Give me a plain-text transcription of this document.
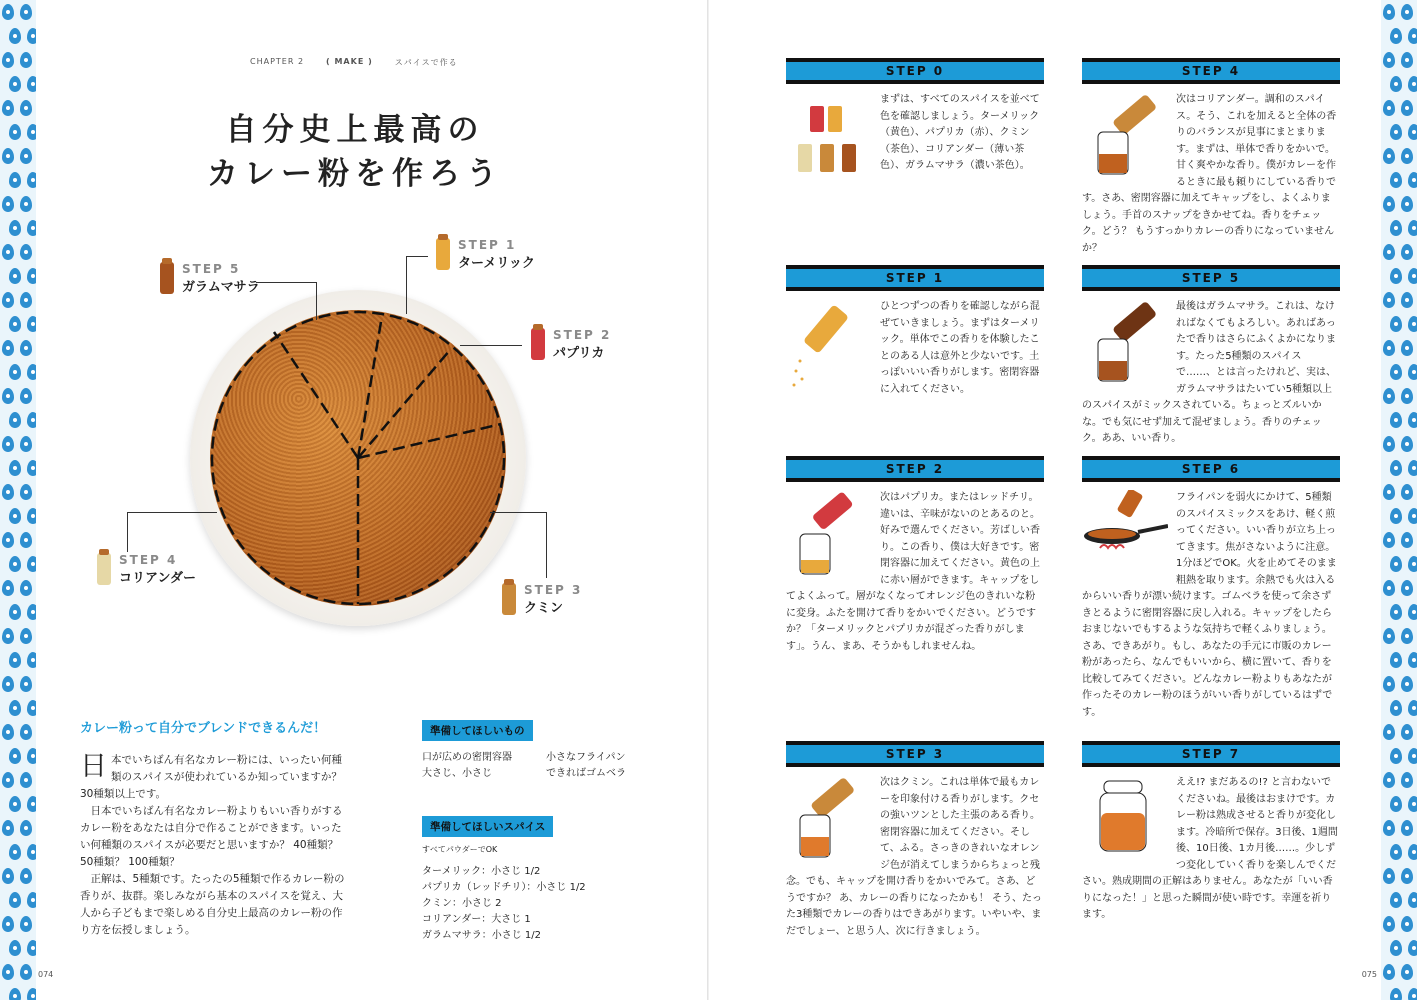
CHAPTER 2	( MAKE )	スパイスで作る
自分史上最高の
カレー粉を作ろう
STEP 1
ターメリック
STEP 2
パプリカ
STEP 3
クミン
STEP 4
コリアンダー
STEP 5
ガラムマサラ
カレー粉って自分でブレンドできるんだ！
日 本でいちばん有名なカレー粉には、いったい何種類のスパイスが使われているか知っていますか？ 30種類以上です。
　日本でいちばん有名なカレー粉よりもいい香りがするカレー粉をあなたは自分で作ることができます。いったい何種類のスパイスが必要だと思いますか？ 40種類？ 50種類？ 100種類？
　正解は、5種類です。たったの5種類で作るカレー粉の香りが、抜群。楽しみながら基本のスパイスを覚え、大人から子どもまで楽しめる自分史上最高のカレー粉の作り方を伝授しましょう。
準備してほしいもの
口が広めの密閉容器	小さなフライパン
大さじ、小さじ	できればゴムベラ
準備してほしいスパイス
すべてパウダーでOK
ターメリック：小さじ 1/2
パプリカ（レッドチリ）：小さじ 1/2
クミン：小さじ 2
コリアンダー：大さじ 1
ガラムマサラ：小さじ 1/2
074	075
STEP 0
まずは、すべてのスパイスを並べて色を確認しましょう。ターメリック（黄色）、パプリカ（赤）、クミン（茶色）、コリアンダー（薄い茶色）、ガラムマサラ（濃い茶色）。
STEP 1
ひとつずつの香りを確認しながら混ぜていきましょう。まずはターメリック。単体でこの香りを体験したことのある人は意外と少ないです。土っぽいいい香りがします。密閉容器に入れてください。
STEP 2
次はパプリカ。またはレッドチリ。違いは、辛味がないのとあるのと。好みで選んでください。芳ばしい香り。この香り、僕は大好きです。密閉容器に加えてください。黄色の上に赤い層ができます。キャップをしてよくふって。層がなくなってオレンジ色のきれいな粉に変身。ふたを開けて香りをかいでください。どうですか？「ターメリックとパプリカが混ざった香りがします」。うん、まあ、そうかもしれませんね。
STEP 3
次はクミン。これは単体で最もカレーを印象付ける香りがします。クセの強いツンとした主張のある香り。密閉容器に加えてください。そして、ふる。さっきのきれいなオレンジ色が消えてしまうからちょっと残念。でも、キャップを開け香りをかいでみて。さあ、どうですか？ あ、カレーの香りになったかも！ そう、たった3種類でカレーの香りはできあがります。いやいや、まだでしょー、と思う人、次に行きましょう。
STEP 4
次はコリアンダー。調和のスパイス。そう、これを加えると全体の香りのバランスが見事にまとまります。まずは、単体で香りをかいで。甘く爽やかな香り。僕がカレーを作るときに最も頼りにしている香りです。さあ、密閉容器に加えてキャップをし、よくふりましょう。手首のスナップをきかせてね。香りをチェック。どう？ もうすっかりカレーの香りになっていませんか？
STEP 5
最後はガラムマサラ。これは、なければなくてもよろしい。あればあったで香りはさらにふくよかになります。たった5種類のスパイスで……、とは言ったけれど、実は、ガラムマサラはたいてい5種類以上のスパイスがミックスされている。ちょっとズルいかな。でも気にせず加えて混ぜましょう。香りのチェック。ああ、いい香り。
STEP 6
フライパンを弱火にかけて、5種類のスパイスミックスをあけ、軽く煎ってください。いい香りが立ち上ってきます。焦がさないように注意。1分ほどでOK。火を止めてそのまま粗熱を取ります。余熱でも火は入るからいい香りが漂い続けます。ゴムベラを使って余さずきとるように密閉容器に戻し入れる。キャップをしたらおまじないでもするような気持ちで軽くふりましょう。さあ、できあがり。もし、あなたの手元に市販のカレー粉があったら、なんでもいいから、横に置いて、香りを比較してみてください。どんなカレー粉よりもあなたが作ったそのカレー粉のほうがいい香りがしているはずです。
STEP 7
ええ!? まだあるの!? と言わないでくださいね。最後はおまけです。カレー粉は熟成させると香りが変化します。冷暗所で保存。3日後、1週間後、10日後、1カ月後……。少しずつ変化していく香りを楽しんでください。熟成期間の正解はありません。あなたが「いい香りになった！」と思った瞬間が使い時です。幸運を祈ります。
